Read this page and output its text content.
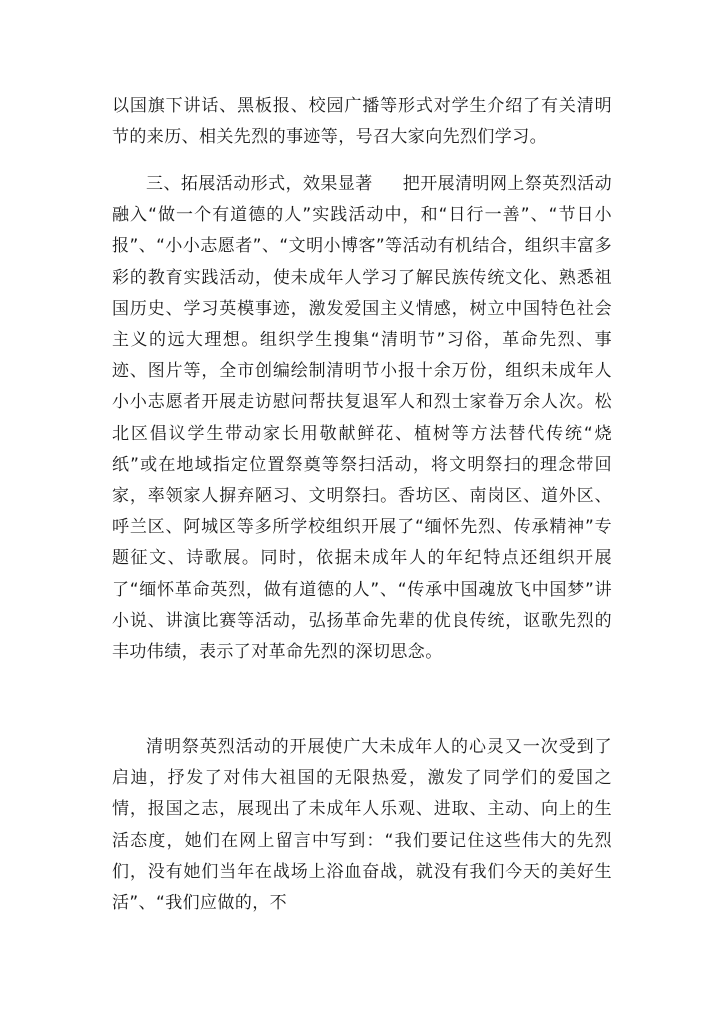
以国旗下讲话、黑板报、校园广播等形式对学生介绍了有关清明节的来历、相关先烈的事迹等，号召大家向先烈们学习。

三、拓展活动形式，效果显著 把开展清明网上祭英烈活动融入“做一个有道德的人”实践活动中，和“日行一善”、“节日小报”、“小小志愿者”、“文明小博客”等活动有机结合，组织丰富多彩的教育实践活动，使未成年人学习了解民族传统文化、熟悉祖国历史、学习英模事迹，激发爱国主义情感，树立中国特色社会主义的远大理想。组织学生搜集“清明节”习俗，革命先烈、事迹、图片等，全市创编绘制清明节小报十余万份，组织未成年人小小志愿者开展走访慰问帮扶复退军人和烈士家眷万余人次。松北区倡议学生带动家长用敬献鲜花、植树等方法替代传统“烧纸”或在地域指定位置祭奠等祭扫活动，将文明祭扫的理念带回家，率领家人摒弃陋习、文明祭扫。香坊区、南岗区、道外区、呼兰区、阿城区等多所学校组织开展了“缅怀先烈、传承精神”专题征文、诗歌展。同时，依据未成年人的年纪特点还组织开展了“缅怀革命英烈，做有道德的人”、“传承中国魂放飞中国梦”讲小说、讲演比赛等活动，弘扬革命先辈的优良传统，讴歌先烈的丰功伟绩，表示了对革命先烈的深切思念。

清明祭英烈活动的开展使广大未成年人的心灵又一次受到了启迪，抒发了对伟大祖国的无限热爱，激发了同学们的爱国之情，报国之志，展现出了未成年人乐观、进取、主动、向上的生活态度，她们在网上留言中写到：“我们要记住这些伟大的先烈们，没有她们当年在战场上浴血奋战，就没有我们今天的美好生活”、“我们应做的，不
